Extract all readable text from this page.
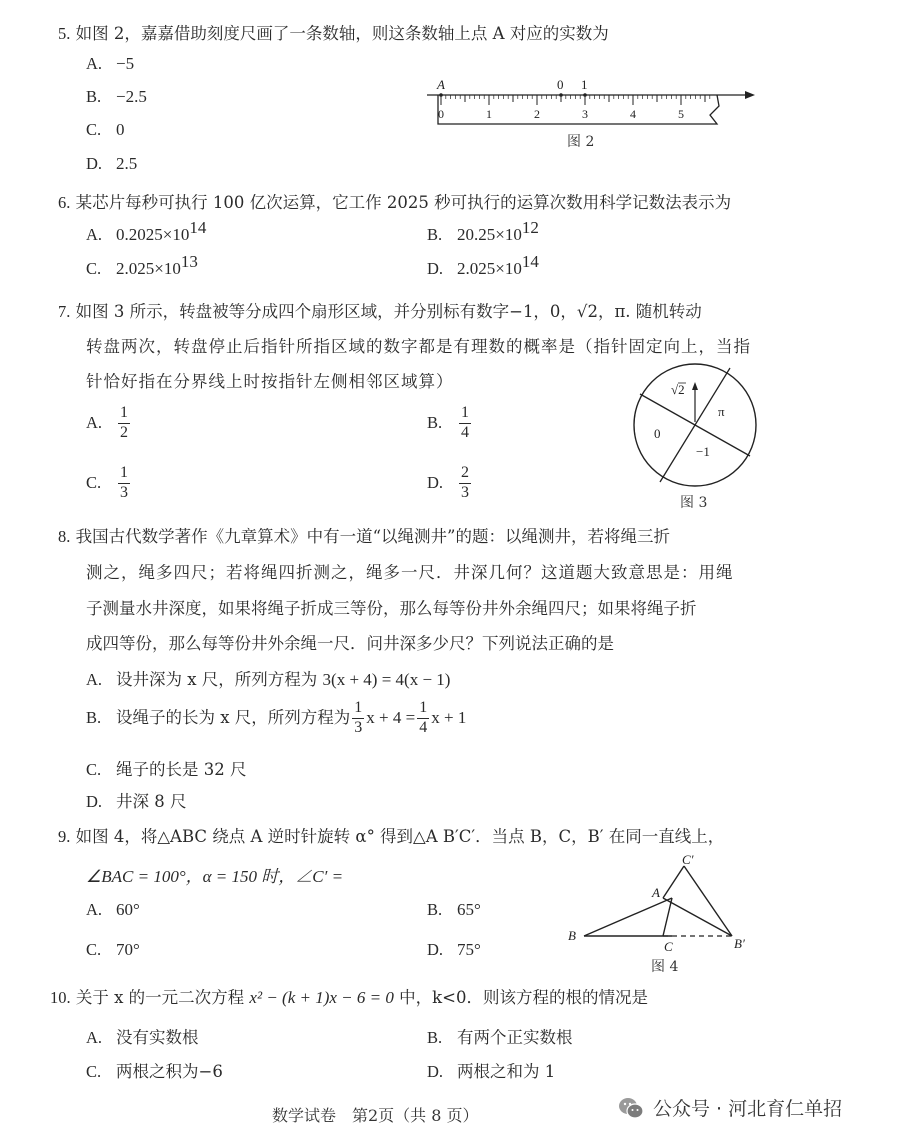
5. 如图 2，嘉嘉借助刻度尺画了一条数轴，则这条数轴上点 A 对应的实数为
A. −5
B. −2.5
C. 0
D. 2.5
A	0 1
0	1	2	3	4	5
图 2
6. 某芯片每秒可执行 100 亿次运算，它工作 2025 秒可执行的运算次数用科学记数法表示为
A. $0.2025\times 10^{14}$	B. $20.25\times 10^{12}$
C. $2.025\times 10^{13}$	D. $2.025\times 10^{14}$
7. 如图 3 所示，转盘被等分成四个扇形区域，并分别标有数字−1，0，√2，π. 随机转动
转盘两次，转盘停止后指针所指区域的数字都是有理数的概率是（指针固定向上，当指
针恰好指在分界线上时按指针左侧相邻区域算）
A. $\frac{1}{2}$	B. $\frac{1}{4}$
C. $\frac{1}{3}$	D. $\frac{2}{3}$
√2
π
0
−1
图 3
8. 我国古代数学著作《九章算术》中有一道“以绳测井”的题：以绳测井，若将绳三折
测之，绳多四尺；若将绳四折测之，绳多一尺．井深几何？这道题大致意思是：用绳
子测量水井深度，如果将绳子折成三等份，那么每等份井外余绳四尺；如果将绳子折
成四等份，那么每等份井外余绳一尺．问井深多少尺？下列说法正确的是
A. 设井深为 x 尺，所列方程为 3(x + 4) = 4(x − 1)
B. 设绳子的长为 x 尺，所列方程为 $\frac{1}{3}$ $x + 4 = \frac{1}{4}$ x + 1
C. 绳子的长是 32 尺
D. 井深 8 尺
9. 如图 4，将△ABC 绕点 A 逆时针旋转 α° 得到△A B′C′．当点 B，C，B′ 在同一直线上，
∠BAC = 100°，α = 150 时，∠C′ =
A. 60°	B. 65°
C. 70°	D. 75°
A
B
C	B′
C′
图 4
10. 关于 x 的一元二次方程 x² − (k + 1)x − 6 = 0 中，k<0．则该方程的根的情况是
A. 没有实数根	B. 有两个正实数根
C. 两根之积为−6	D. 两根之和为 1
数学试卷　第2页（共 8 页）	公众号 · 河北育仁单招
